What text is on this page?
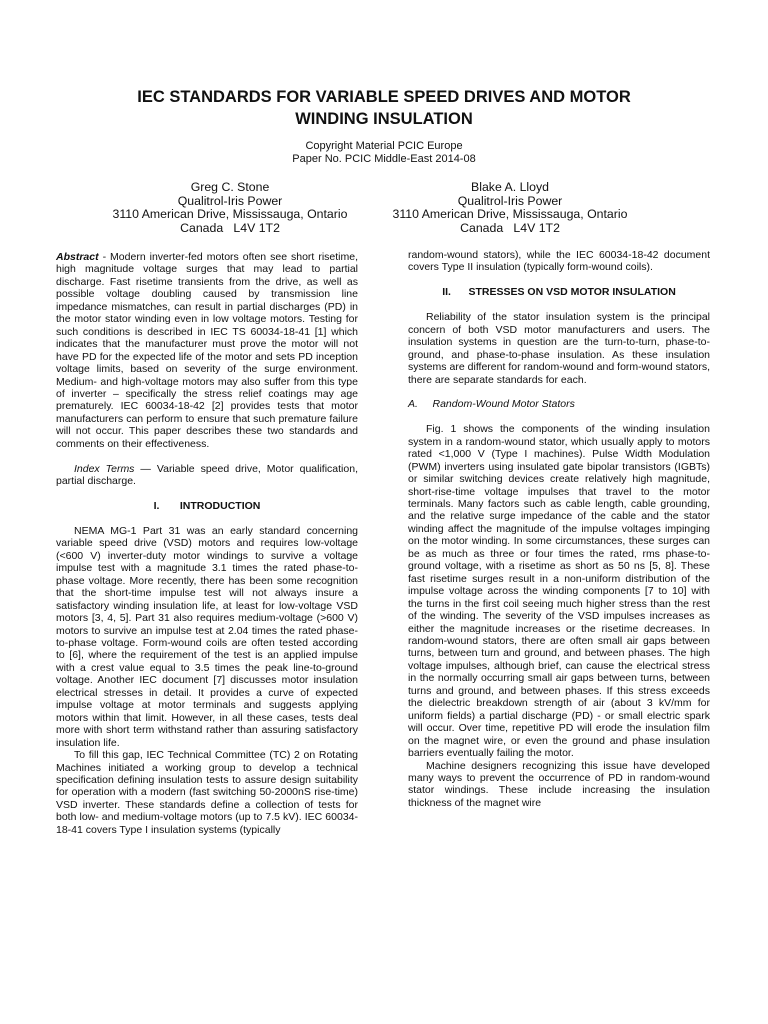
IEC STANDARDS FOR VARIABLE SPEED DRIVES AND MOTOR
WINDING INSULATION
Copyright Material PCIC Europe
Paper No. PCIC Middle-East 2014-08
Greg C. Stone
Qualitrol-Iris Power
3110 American Drive, Mississauga, Ontario
Canada   L4V 1T2
Blake A. Lloyd
Qualitrol-Iris Power
3110 American Drive, Mississauga, Ontario
Canada   L4V 1T2

Abstract - Modern inverter-fed motors often see short risetime, high magnitude voltage surges that may lead to partial discharge. Fast risetime transients from the drive, as well as possible voltage doubling caused by transmission line impedance mismatches, can result in partial discharges (PD) in the motor stator winding even in low voltage motors. Testing for such conditions is described in IEC TS 60034-18-41 [1] which indicates that the manufacturer must prove the motor will not have PD for the expected life of the motor and sets PD inception voltage limits, based on severity of the surge environment. Medium- and high-voltage motors may also suffer from this type of inverter – specifically the stress relief coatings may age prematurely. IEC 60034-18-42 [2] provides tests that motor manufacturers can perform to ensure that such premature failure will not occur. This paper describes these two standards and comments on their effectiveness.

Index Terms — Variable speed drive, Motor qualification, partial discharge.

I.       INTRODUCTION

NEMA MG-1 Part 31 was an early standard concerning variable speed drive (VSD) motors and requires low-voltage (<600 V) inverter-duty motor windings to survive a voltage impulse test with a magnitude 3.1 times the rated phase-to-phase voltage. More recently, there has been some recognition that the short-time impulse test will not always insure a satisfactory winding insulation life, at least for low-voltage VSD motors [3, 4, 5]. Part 31 also requires medium-voltage (>600 V) motors to survive an impulse test at 2.04 times the rated phase-to-phase voltage. Form-wound coils are often tested according to [6], where the requirement of the test is an applied impulse with a crest value equal to 3.5 times the peak line-to-ground voltage. Another IEC document [7] discusses motor insulation electrical stresses in detail. It provides a curve of expected impulse voltage at motor terminals and suggests applying motors within that limit. However, in all these cases, tests deal more with short term withstand rather than assuring satisfactory insulation life.

To fill this gap, IEC Technical Committee (TC) 2 on Rotating Machines initiated a working group to develop a technical specification defining insulation tests to assure design suitability for operation with a modern (fast switching 50-2000nS rise-time) VSD inverter. These standards define a collection of tests for both low- and medium-voltage motors (up to 7.5 kV). IEC 60034-18-41 covers Type I insulation systems (typically

random-wound stators), while the IEC 60034-18-42 document covers Type II insulation (typically form-wound coils).

II.      STRESSES ON VSD MOTOR INSULATION

Reliability of the stator insulation system is the principal concern of both VSD motor manufacturers and users. The insulation systems in question are the turn-to-turn, phase-to-ground, and phase-to-phase insulation. As these insulation systems are different for random-wound and form-wound stators, there are separate standards for each.

A.     Random-Wound Motor Stators

Fig. 1 shows the components of the winding insulation system in a random-wound stator, which usually apply to motors rated <1,000 V (Type I machines). Pulse Width Modulation (PWM) inverters using insulated gate bipolar transistors (IGBTs) or similar switching devices create relatively high magnitude, short-rise-time voltage impulses that travel to the motor terminals. Many factors such as cable length, cable grounding, and the relative surge impedance of the cable and the stator winding affect the magnitude of the impulse voltages impinging on the motor winding. In some circumstances, these surges can be as much as three or four times the rated, rms phase-to-ground voltage, with a risetime as short as 50 ns [5, 8]. These fast risetime surges result in a non-uniform distribution of the impulse voltage across the winding components [7 to 10] with the turns in the first coil seeing much higher stress than the rest of the winding. The severity of the VSD impulses increases as either the magnitude increases or the risetime decreases. In random-wound stators, there are often small air gaps between turns, between turn and ground, and between phases. The high voltage impulses, although brief, can cause the electrical stress in the normally occurring small air gaps between turns, between turns and ground, and between phases. If this stress exceeds the dielectric breakdown strength of air (about 3 kV/mm for uniform fields) a partial discharge (PD) - or small electric spark will occur. Over time, repetitive PD will erode the insulation film on the magnet wire, or even the ground and phase insulation barriers eventually failing the motor.

Machine designers recognizing this issue have developed many ways to prevent the occurrence of PD in random-wound stator windings. These include increasing the insulation thickness of the magnet wire
